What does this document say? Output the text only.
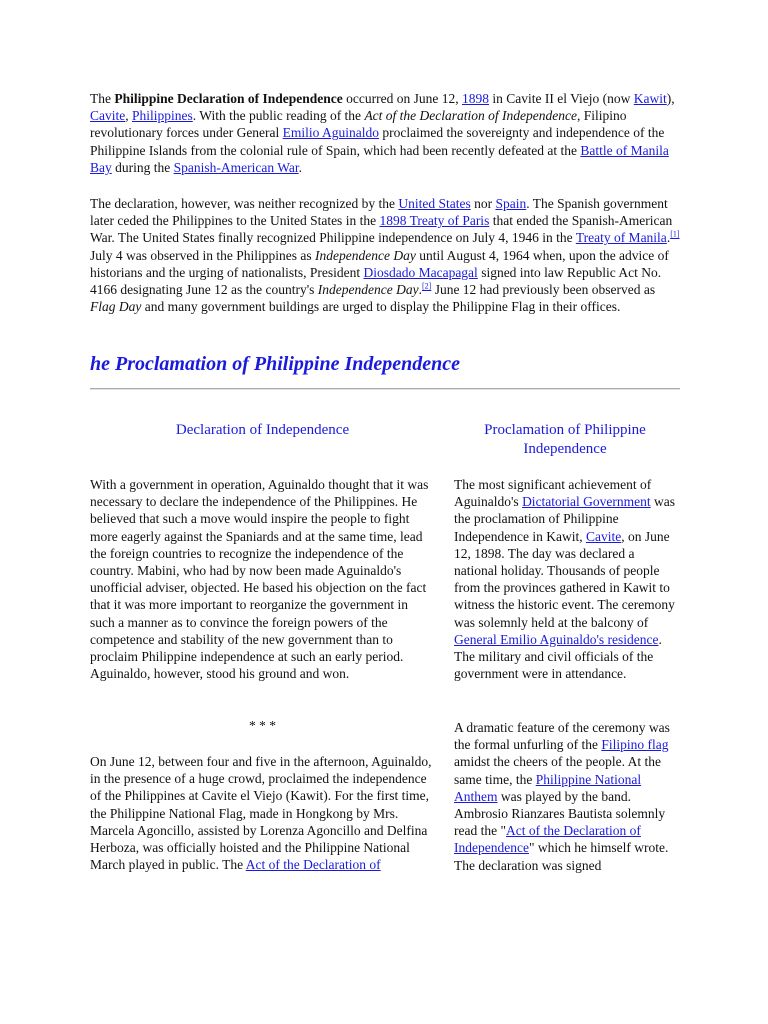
The Philippine Declaration of Independence occurred on June 12, 1898 in Cavite II el Viejo (now Kawit), Cavite, Philippines. With the public reading of the Act of the Declaration of Independence, Filipino revolutionary forces under General Emilio Aguinaldo proclaimed the sovereignty and independence of the Philippine Islands from the colonial rule of Spain, which had been recently defeated at the Battle of Manila Bay during the Spanish-American War.

The declaration, however, was neither recognized by the United States nor Spain. The Spanish government later ceded the Philippines to the United States in the 1898 Treaty of Paris that ended the Spanish-American War. The United States finally recognized Philippine independence on July 4, 1946 in the Treaty of Manila.[1] July 4 was observed in the Philippines as Independence Day until August 4, 1964 when, upon the advice of historians and the urging of nationalists, President Diosdado Macapagal signed into law Republic Act No. 4166 designating June 12 as the country's Independence Day.[2] June 12 had previously been observed as Flag Day and many government buildings are urged to display the Philippine Flag in their offices.

he Proclamation of Philippine Independence
Declaration of Independence	Proclamation of Philippine Independence

With a government in operation, Aguinaldo thought that it was necessary to declare the independence of the Philippines. He believed that such a move would inspire the people to fight more eagerly against the Spaniards and at the same time, lead the foreign countries to recognize the independence of the country. Mabini, who had by now been made Aguinaldo's unofficial adviser, objected. He based his objection on the fact that it was more important to reorganize the government in such a manner as to convince the foreign powers of the competence and stability of the new government than to proclaim Philippine independence at such an early period. Aguinaldo, however, stood his ground and won.

* * *

On June 12, between four and five in the afternoon, Aguinaldo, in the presence of a huge crowd, proclaimed the independence of the Philippines at Cavite el Viejo (Kawit). For the first time, the Philippine National Flag, made in Hongkong by Mrs. Marcela Agoncillo, assisted by Lorenza Agoncillo and Delfina Herboza, was officially hoisted and the Philippine National March played in public. The Act of the Declaration of

The most significant achievement of Aguinaldo's Dictatorial Government was the proclamation of Philippine Independence in Kawit, Cavite, on June 12, 1898. The day was declared a national holiday. Thousands of people from the provinces gathered in Kawit to witness the historic event. The ceremony was solemnly held at the balcony of General Emilio Aguinaldo's residence. The military and civil officials of the government were in attendance.

A dramatic feature of the ceremony was the formal unfurling of the Filipino flag amidst the cheers of the people. At the same time, the Philippine National Anthem was played by the band. Ambrosio Rianzares Bautista solemnly read the "Act of the Declaration of Independence" which he himself wrote. The declaration was signed
